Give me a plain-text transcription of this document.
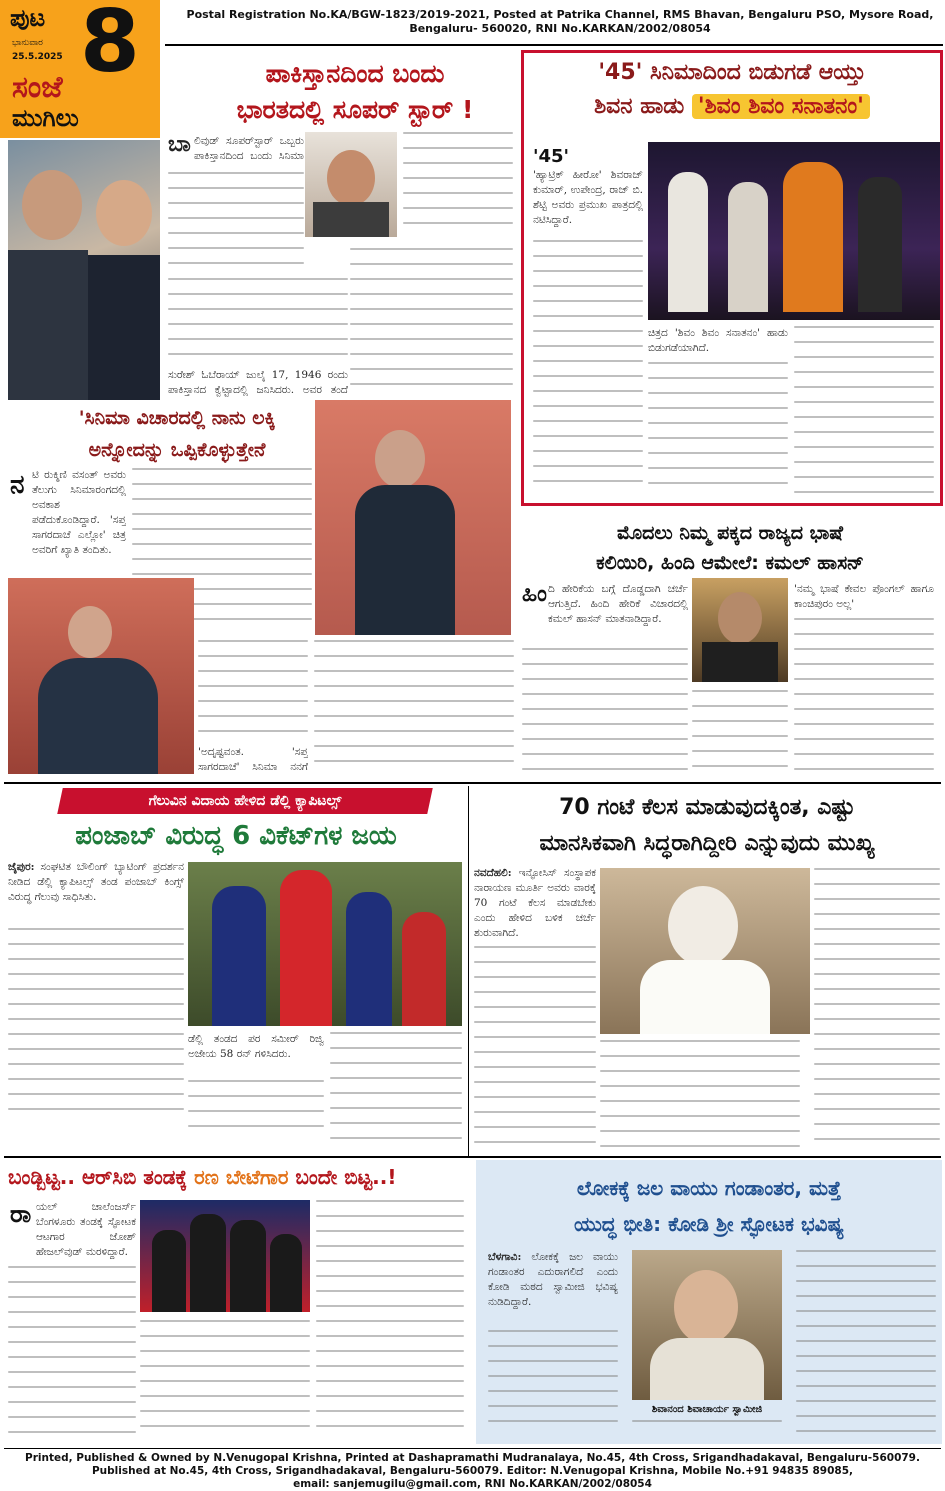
ಪುಟ 8
ಭಾನುವಾರ
25.5.2025
ಸಂಜೆ
ಮುಗಿಲು
Postal Registration No.KA/BGW-1823/2019-2021, Posted at Patrika Channel, RMS Bhavan, Bengaluru PSO, Mysore Road,
Bengaluru- 560020, RNI No.KARKAN/2002/08054
ಪಾಕಿಸ್ತಾನದಿಂದ ಬಂದು
ಭಾರತದಲ್ಲಿ ಸೂಪರ್ ಸ್ಟಾರ್ !
ಬಾ ಲಿವುಡ್ ಸೂಪರ್‌ಸ್ಟಾರ್ ಒಬ್ಬರು ಪಾಕಿಸ್ತಾನದಿಂದ ಬಂದು ಸಿನಿಮಾ
ಸುರೇಶ್ ಓಬೆರಾಯ್ ಜುಲೈ 17, 1946 ರಂದು ಪಾಕಿಸ್ತಾನದ ಕ್ವೆಟ್ಟಾದಲ್ಲಿ ಜನಿಸಿದರು. ಅವರ ತಂದೆ
'45' ಸಿನಿಮಾದಿಂದ ಬಿಡುಗಡೆ ಆಯ್ತು
ಶಿವನ ಹಾಡು 'ಶಿವಂ ಶಿವಂ ಸನಾತನಂ'
'45'
'ಹ್ಯಾಟ್ರಿಕ್ ಹೀರೋ' ಶಿವರಾಜ್ ಕುಮಾರ್, ಉಪೇಂದ್ರ, ರಾಜ್ ಬಿ. ಶೆಟ್ಟಿ ಅವರು ಪ್ರಮುಖ ಪಾತ್ರದಲ್ಲಿ ನಟಿಸಿದ್ದಾರೆ.
ಚಿತ್ರದ 'ಶಿವಂ ಶಿವಂ ಸನಾತನಂ' ಹಾಡು ಬಿಡುಗಡೆಯಾಗಿದೆ.
'ಸಿನಿಮಾ ವಿಚಾರದಲ್ಲಿ ನಾನು ಲಕ್ಕಿ
ಅನ್ನೋದನ್ನು ಒಪ್ಪಿಕೊಳ್ಳುತ್ತೇನೆ
ನ ಟಿ ರುಕ್ಮಿಣಿ ವಸಂತ್ ಅವರು ತೆಲುಗು ಸಿನಿಮಾರಂಗದಲ್ಲಿ ಅವಕಾಶ ಪಡೆದುಕೊಂಡಿದ್ದಾರೆ. 'ಸಪ್ತ ಸಾಗರದಾಚೆ ಎಲ್ಲೋ' ಚಿತ್ರ ಅವರಿಗೆ ಖ್ಯಾತಿ ತಂದಿತು.
'ಅದೃಷ್ಟವಂತ. 'ಸಪ್ತ ಸಾಗರದಾಚೆ' ಸಿನಿಮಾ ನನಗೆ
ಮೊದಲು ನಿಮ್ಮ ಪಕ್ಕದ ರಾಜ್ಯದ ಭಾಷೆ
ಕಲಿಯಿರಿ, ಹಿಂದಿ ಆಮೇಲೆ: ಕಮಲ್ ಹಾಸನ್
ಹಿಂ ದಿ ಹೇರಿಕೆಯ ಬಗ್ಗೆ ದೊಡ್ಡದಾಗಿ ಚರ್ಚೆ ಆಗುತ್ತಿದೆ. ಹಿಂದಿ ಹೇರಿಕೆ ವಿಚಾರದಲ್ಲಿ ಕಮಲ್ ಹಾಸನ್ ಮಾತನಾಡಿದ್ದಾರೆ.
'ನಮ್ಮ ಭಾಷೆ ಕೇವಲ ಪೊಂಗಲ್ ಹಾಗೂ ಕಾಂಚಿಪುರಂ ಅಲ್ಲ'
ಗೆಲುವಿನ ವಿದಾಯ ಹೇಳಿದ ಡೆಲ್ಲಿ ಕ್ಯಾಪಿಟಲ್ಸ್
ಪಂಜಾಬ್ ವಿರುದ್ಧ 6 ವಿಕೆಟ್‌ಗಳ ಜಯ
ಜೈಪುರ: ಸಂಘಟಿತ ಬೌಲಿಂಗ್ ಬ್ಯಾಟಿಂಗ್ ಪ್ರದರ್ಶನ ನೀಡಿದ ಡೆಲ್ಲಿ ಕ್ಯಾಪಿಟಲ್ಸ್ ತಂಡ ಪಂಜಾಬ್ ಕಿಂಗ್ಸ್ ವಿರುದ್ಧ ಗೆಲುವು ಸಾಧಿಸಿತು.
ಡೆಲ್ಲಿ ತಂಡದ ಪರ ಸಮೀರ್ ರಿಜ್ವಿ ಅಜೇಯ 58 ರನ್ ಗಳಿಸಿದರು.
70 ಗಂಟೆ ಕೆಲಸ ಮಾಡುವುದಕ್ಕಿಂತ, ಎಷ್ಟು
ಮಾನಸಿಕವಾಗಿ ಸಿದ್ಧರಾಗಿದ್ದೀರಿ ಎನ್ನುವುದು ಮುಖ್ಯ
ನವದೆಹಲಿ: ಇನ್ಫೋಸಿಸ್ ಸಂಸ್ಥಾಪಕ ನಾರಾಯಣ ಮೂರ್ತಿ ಅವರು ವಾರಕ್ಕೆ 70 ಗಂಟೆ ಕೆಲಸ ಮಾಡಬೇಕು ಎಂದು ಹೇಳಿದ ಬಳಿಕ ಚರ್ಚೆ ಶುರುವಾಗಿದೆ.
ಬಂಡ್ಬಿಟ್ಟ.. ಆರ್‌ಸಿಬಿ ತಂಡಕ್ಕೆ ರಣ ಬೇಟೆಗಾರ ಬಂದೇ ಬಿಟ್ಟ..!
ರಾ ಯಲ್ ಚಾಲೆಂಜರ್ಸ್ ಬೆಂಗಳೂರು ತಂಡಕ್ಕೆ ಸ್ಫೋಟಕ ಆಟಗಾರ ಜೋಶ್ ಹೇಜಲ್‌ವುಡ್ ಮರಳಿದ್ದಾರೆ.
ಲೋಕಕ್ಕೆ ಜಲ ವಾಯು ಗಂಡಾಂತರ, ಮತ್ತೆ
ಯುದ್ಧ ಭೀತಿ: ಕೋಡಿ ಶ್ರೀ ಸ್ಫೋಟಕ ಭವಿಷ್ಯ
ಬೆಳಗಾವಿ: ಲೋಕಕ್ಕೆ ಜಲ ವಾಯು ಗಂಡಾಂತರ ಎದುರಾಗಲಿದೆ ಎಂದು ಕೋಡಿ ಮಠದ ಸ್ವಾಮೀಜಿ ಭವಿಷ್ಯ ನುಡಿದಿದ್ದಾರೆ.
ಶಿವಾನಂದ ಶಿವಾಚಾರ್ಯ ಸ್ವಾಮೀಜಿ
Printed, Published & Owned by N.Venugopal Krishna, Printed at Dashapramathi Mudranalaya, No.45, 4th Cross, Srigandhadakaval, Bengaluru-560079.
Published at No.45, 4th Cross, Srigandhadakaval, Bengaluru-560079. Editor: N.Venugopal Krishna, Mobile No.+91 94835 89085,
email: sanjemugilu@gmail.com, RNI No.KARKAN/2002/08054
